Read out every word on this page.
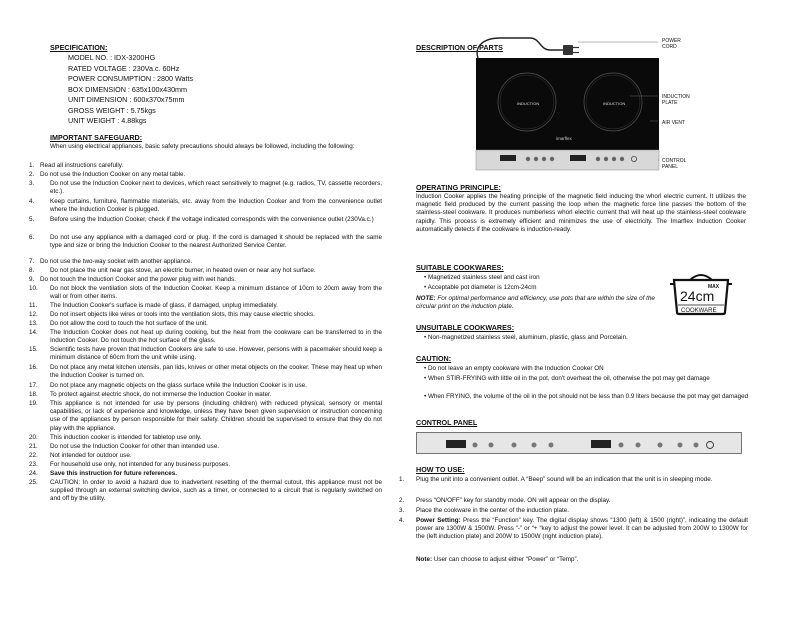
SPECIFICATION:
MODEL NO. : IDX-3200HG
RATED VOLTAGE : 230Va.c. 60Hz
POWER CONSUMPTION : 2800 Watts
BOX DIMENSION : 635x100x430mm
UNIT DIMENSION : 600x370x75mm
GROSS WEIGHT : 5.75kgs
UNIT WEIGHT : 4.88kgs
IMPORTANT SAFEGUARD:
When using electrical appliances, basic safety precautions should always be followed, including the following:
1. Read all instructions carefully.
2. Do not use the Induction Cooker on any metal table.
3. Do not use the Induction Cooker next to devices, which react sensitively to magnet (e.g. radios, TV, cassette recorders, etc.).
4. Keep curtains, furniture, flammable materials, etc. away from the Induction Cooker and from the convenience outlet where the Induction Cooker is plugged.
5. Before using the Induction Cooker, check if the voltage indicated corresponds with the convenience outlet (230Va.c.)
6. Do not use any appliance with a damaged cord or plug. If the cord is damaged it should be replaced with the same type and size or bring the Induction Cooker to the nearest Authorized Service Center.
7. Do not use the two-way socket with another appliance.
8. Do not place the unit near gas stove, an electric burner, in heated oven or near any hot surface.
9. Do not touch the Induction Cooker and the power plug with wet hands.
10. Do not block the ventilation slots of the Induction Cooker. Keep a minimum distance of 10cm to 20cm away from the wall or from other items.
11. The Induction Cooker's surface is made of glass, if damaged, unplug immediately.
12. Do not insert objects like wires or tools into the ventilation slots, this may cause electric shocks.
13. Do not allow the cord to touch the hot surface of the unit.
14. The Induction Cooker does not heat up during cooking, but the heat from the cookware can be transferred to in the Induction Cooker. Do not touch the hot surface of the glass.
15. Scientific tests have proven that Induction Cookers are safe to use. However, persons with a pacemaker should keep a minimum distance of 60cm from the unit while using.
16. Do not place any metal kitchen utensils, pan lids, knives or other metal objects on the cooker. These may heat up when the Induction Cooker is turned on.
17. Do not place any magnetic objects on the glass surface while the Induction Cooker is in use.
18. To protect against electric shock, do not immerse the Induction Cooker in water.
19. This appliance is not intended for use by persons (including children) with reduced physical, sensory or mental capabilities, or lack of experience and knowledge, unless they have been given supervision or instruction concerning use of the appliances by person responsible for their safety. Children should be supervised to ensure that they do not play with the appliance.
20. This induction cooker is intended for tabletop use only.
21. Do not use the Induction Cooker for other than intended use.
22. Not intended for outdoor use.
23. For household use only, not intended for any business purposes.
24. Save this instruction for future references.
25. CAUTION: In order to avoid a hazard due to inadvertent resetting of the thermal cutout, this appliance must not be supplied through an external switching device, such as a timer, or connected to a circuit that is regularly switched on and off by the utility.
DESCRIPTION OF PARTS
INDUCTION	INDUCTION
imarflex
POWER
CORD
INDUCTION
PLATE
AIR VENT
CONTROL
PANEL
OPERATING PRINCIPLE:
Induction Cooker applies the heating principle of the magnetic field inducing the whorl electric current. It utilizes the magnetic field produced by the current passing the loop when the magnetic force line passes the bottom of the stainless-steel cookware. It produces numberless whorl electric current that will heat up the stainless-steel cookware rapidly. This process is extremely efficient and minimizes the use of electricity. The Imarflex Induction Cooker automatically detects if the cookware is induction-ready.
SUITABLE COOKWARES:
• Magnetized stainless steel and cast iron
• Acceptable pot diameter is 12cm-24cm
NOTE: For optimal performance and efficiency, use pots that are within the size of the circular print on the induction plate.
MAX
24cm
COOKWARE
UNSUITABLE COOKWARES:
• Non-magnetized stainless steel, aluminum, plastic, glass and Porcelain.
CAUTION:
• Do not leave an empty cookware with the Induction Cooker ON
• When STIR-FRYING with little oil in the pot, don't overheat the oil, otherwise the pot may get damage
• When FRYING, the volume of the oil in the pot should not be less than 0.9 liters because the pot may get damaged
CONTROL PANEL
HOW TO USE:
1. Plug the unit into a convenient outlet. A “Beep” sound will be an indication that the unit is in sleeping mode.
2. Press “ON/OFF” key for standby mode. ON will appear on the display.
3. Place the cookware in the center of the induction plate.
4. Power Setting: Press the “Function” key. The digital display shows “1300 (left) & 1500 (right)”, indicating the default power are 1300W & 1500W. Press “-” or “+ “key to adjust the power level. It can be adjusted from 200W to 1300W for the (left induction plate) and 200W to 1500W (right induction plate).
Note: User can choose to adjust either “Power” or “Temp”.
